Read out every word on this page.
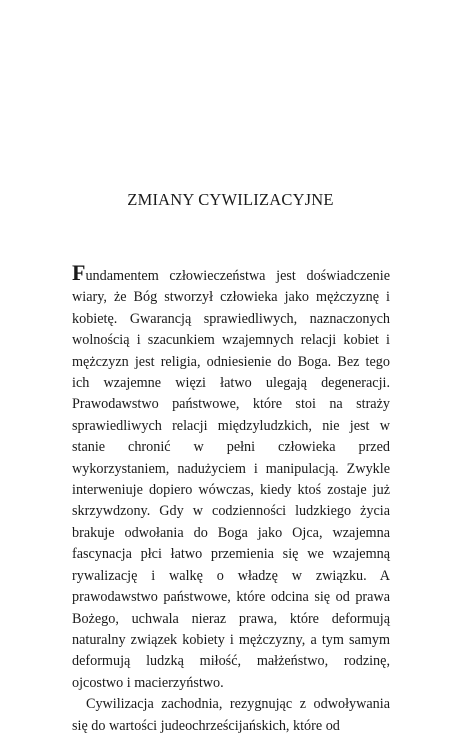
ZMIANY CYWILIZACYJNE

Fundamentem człowieczeństwa jest doświadczenie wiary, że Bóg stworzył człowieka jako mężczyznę i kobietę. Gwarancją sprawiedliwych, naznaczonych wolnością i szacunkiem wzajemnych relacji kobiet i mężczyzn jest religia, odniesienie do Boga. Bez tego ich wzajemne więzi łatwo ulegają degeneracji. Prawodawstwo państwowe, które stoi na straży sprawiedliwych relacji międzyludzkich, nie jest w stanie chronić w pełni człowieka przed wykorzystaniem, nadużyciem i manipulacją. Zwykle interweniuje dopiero wówczas, kiedy ktoś zostaje już skrzywdzony. Gdy w codzienności ludzkiego życia brakuje odwołania do Boga jako Ojca, wzajemna fascynacja płci łatwo przemienia się we wzajemną rywalizację i walkę o władzę w związku. A prawodawstwo państwowe, które odcina się od prawa Bożego, uchwala nieraz prawa, które deformują naturalny związek kobiety i mężczyzny, a tym samym deformują ludzką miłość, małżeństwo, rodzinę, ojcostwo i macierzyństwo.

Cywilizacja zachodnia, rezygnując z odwoływania się do wartości judeochrześcijańskich, które od
